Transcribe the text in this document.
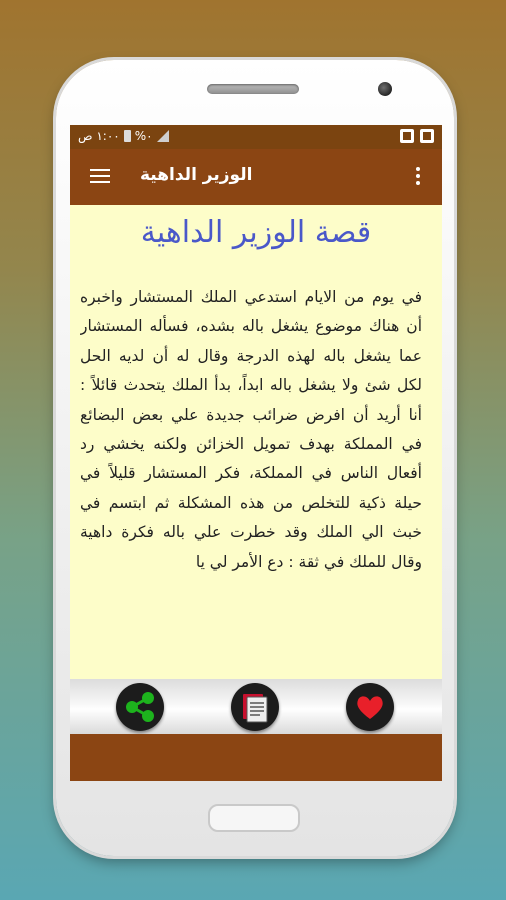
١:٠٠ ص %٠
الوزير الداهية
قصة الوزير الداهية
في يوم من الايام استدعي الملك المستشار واخبره أن هناك موضوع يشغل باله بشده، فسأله المستشار عما يشغل باله لهذه الدرجة وقال له أن لديه الحل لكل شئ ولا يشغل باله ابداً، بدأ الملك يتحدث قائلاً : أنا أريد أن افرض ضرائب جديدة علي بعض البضائع في المملكة بهدف تمويل الخزائن ولكنه يخشي رد أفعال الناس في المملكة، فكر المستشار قليلاً في حيلة ذكية للتخلص من هذه المشكلة ثم ابتسم في خبث الي الملك وقد خطرت علي باله فكرة داهية وقال للملك في ثقة : دع الأمر لي يا
